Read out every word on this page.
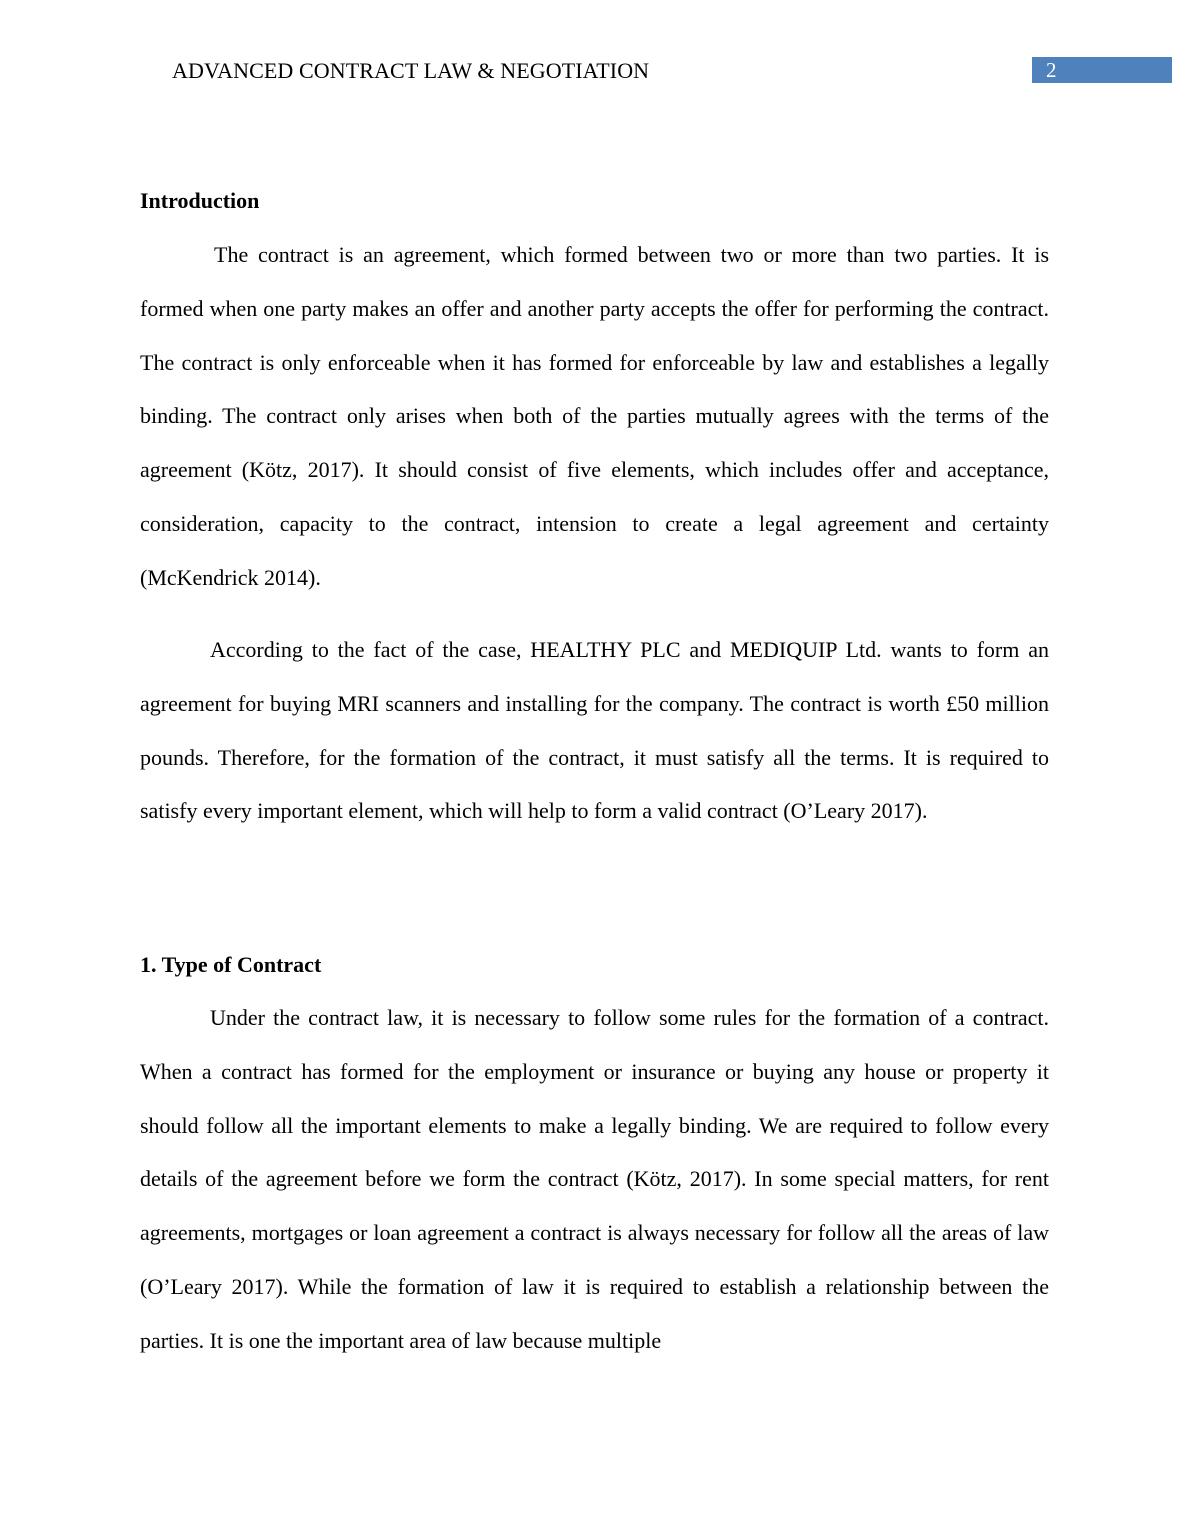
ADVANCED CONTRACT LAW & NEGOTIATION	2
Introduction

The contract is an agreement, which formed between two or more than two parties. It is formed when one party makes an offer and another party accepts the offer for performing the contract. The contract is only enforceable when it has formed for enforceable by law and establishes a legally binding. The contract only arises when both of the parties mutually agrees with the terms of the agreement (Kötz, 2017). It should consist of five elements, which includes offer and acceptance, consideration, capacity to the contract, intension to create a legal agreement and certainty (McKendrick 2014).

According to the fact of the case, HEALTHY PLC and MEDIQUIP Ltd. wants to form an agreement for buying MRI scanners and installing for the company. The contract is worth £50 million pounds. Therefore, for the formation of the contract, it must satisfy all the terms. It is required to satisfy every important element, which will help to form a valid contract (O’Leary 2017).

1. Type of Contract

Under the contract law, it is necessary to follow some rules for the formation of a contract. When a contract has formed for the employment or insurance or buying any house or property it should follow all the important elements to make a legally binding. We are required to follow every details of the agreement before we form the contract (Kötz, 2017). In some special matters, for rent agreements, mortgages or loan agreement a contract is always necessary for follow all the areas of law (O’Leary 2017). While the formation of law it is required to establish a relationship between the parties. It is one the important area of law because multiple
